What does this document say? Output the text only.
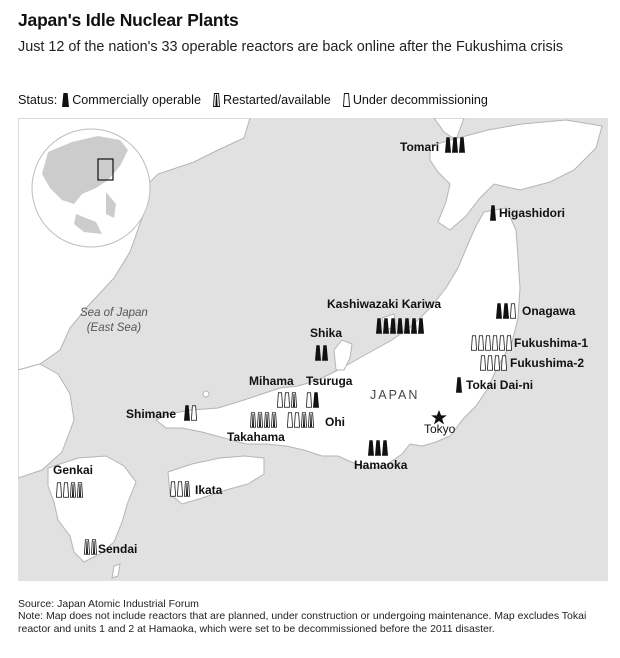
Japan's Idle Nuclear Plants
Just 12 of the nation's 33 operable reactors are back online after the Fukushima crisis
Status: Commercially operable Restarted/available Under decommissioning
Sea of Japan
(East Sea)
JAPAN
Tokyo
Tomari
Higashidori
Onagawa
Kashiwazaki Kariwa
Shika
Fukushima-1
Fukushima-2
Tokai Dai-ni
Mihama Tsuruga
Ohi
Takahama
Shimane
Hamaoka
Genkai
Ikata
Sendai
Source: Japan Atomic Industrial Forum
Note: Map does not include reactors that are planned, under construction or undergoing maintenance. Map excludes Tokai reactor and units 1 and 2 at Hamaoka, which were set to be decommissioned before the 2011 disaster.
